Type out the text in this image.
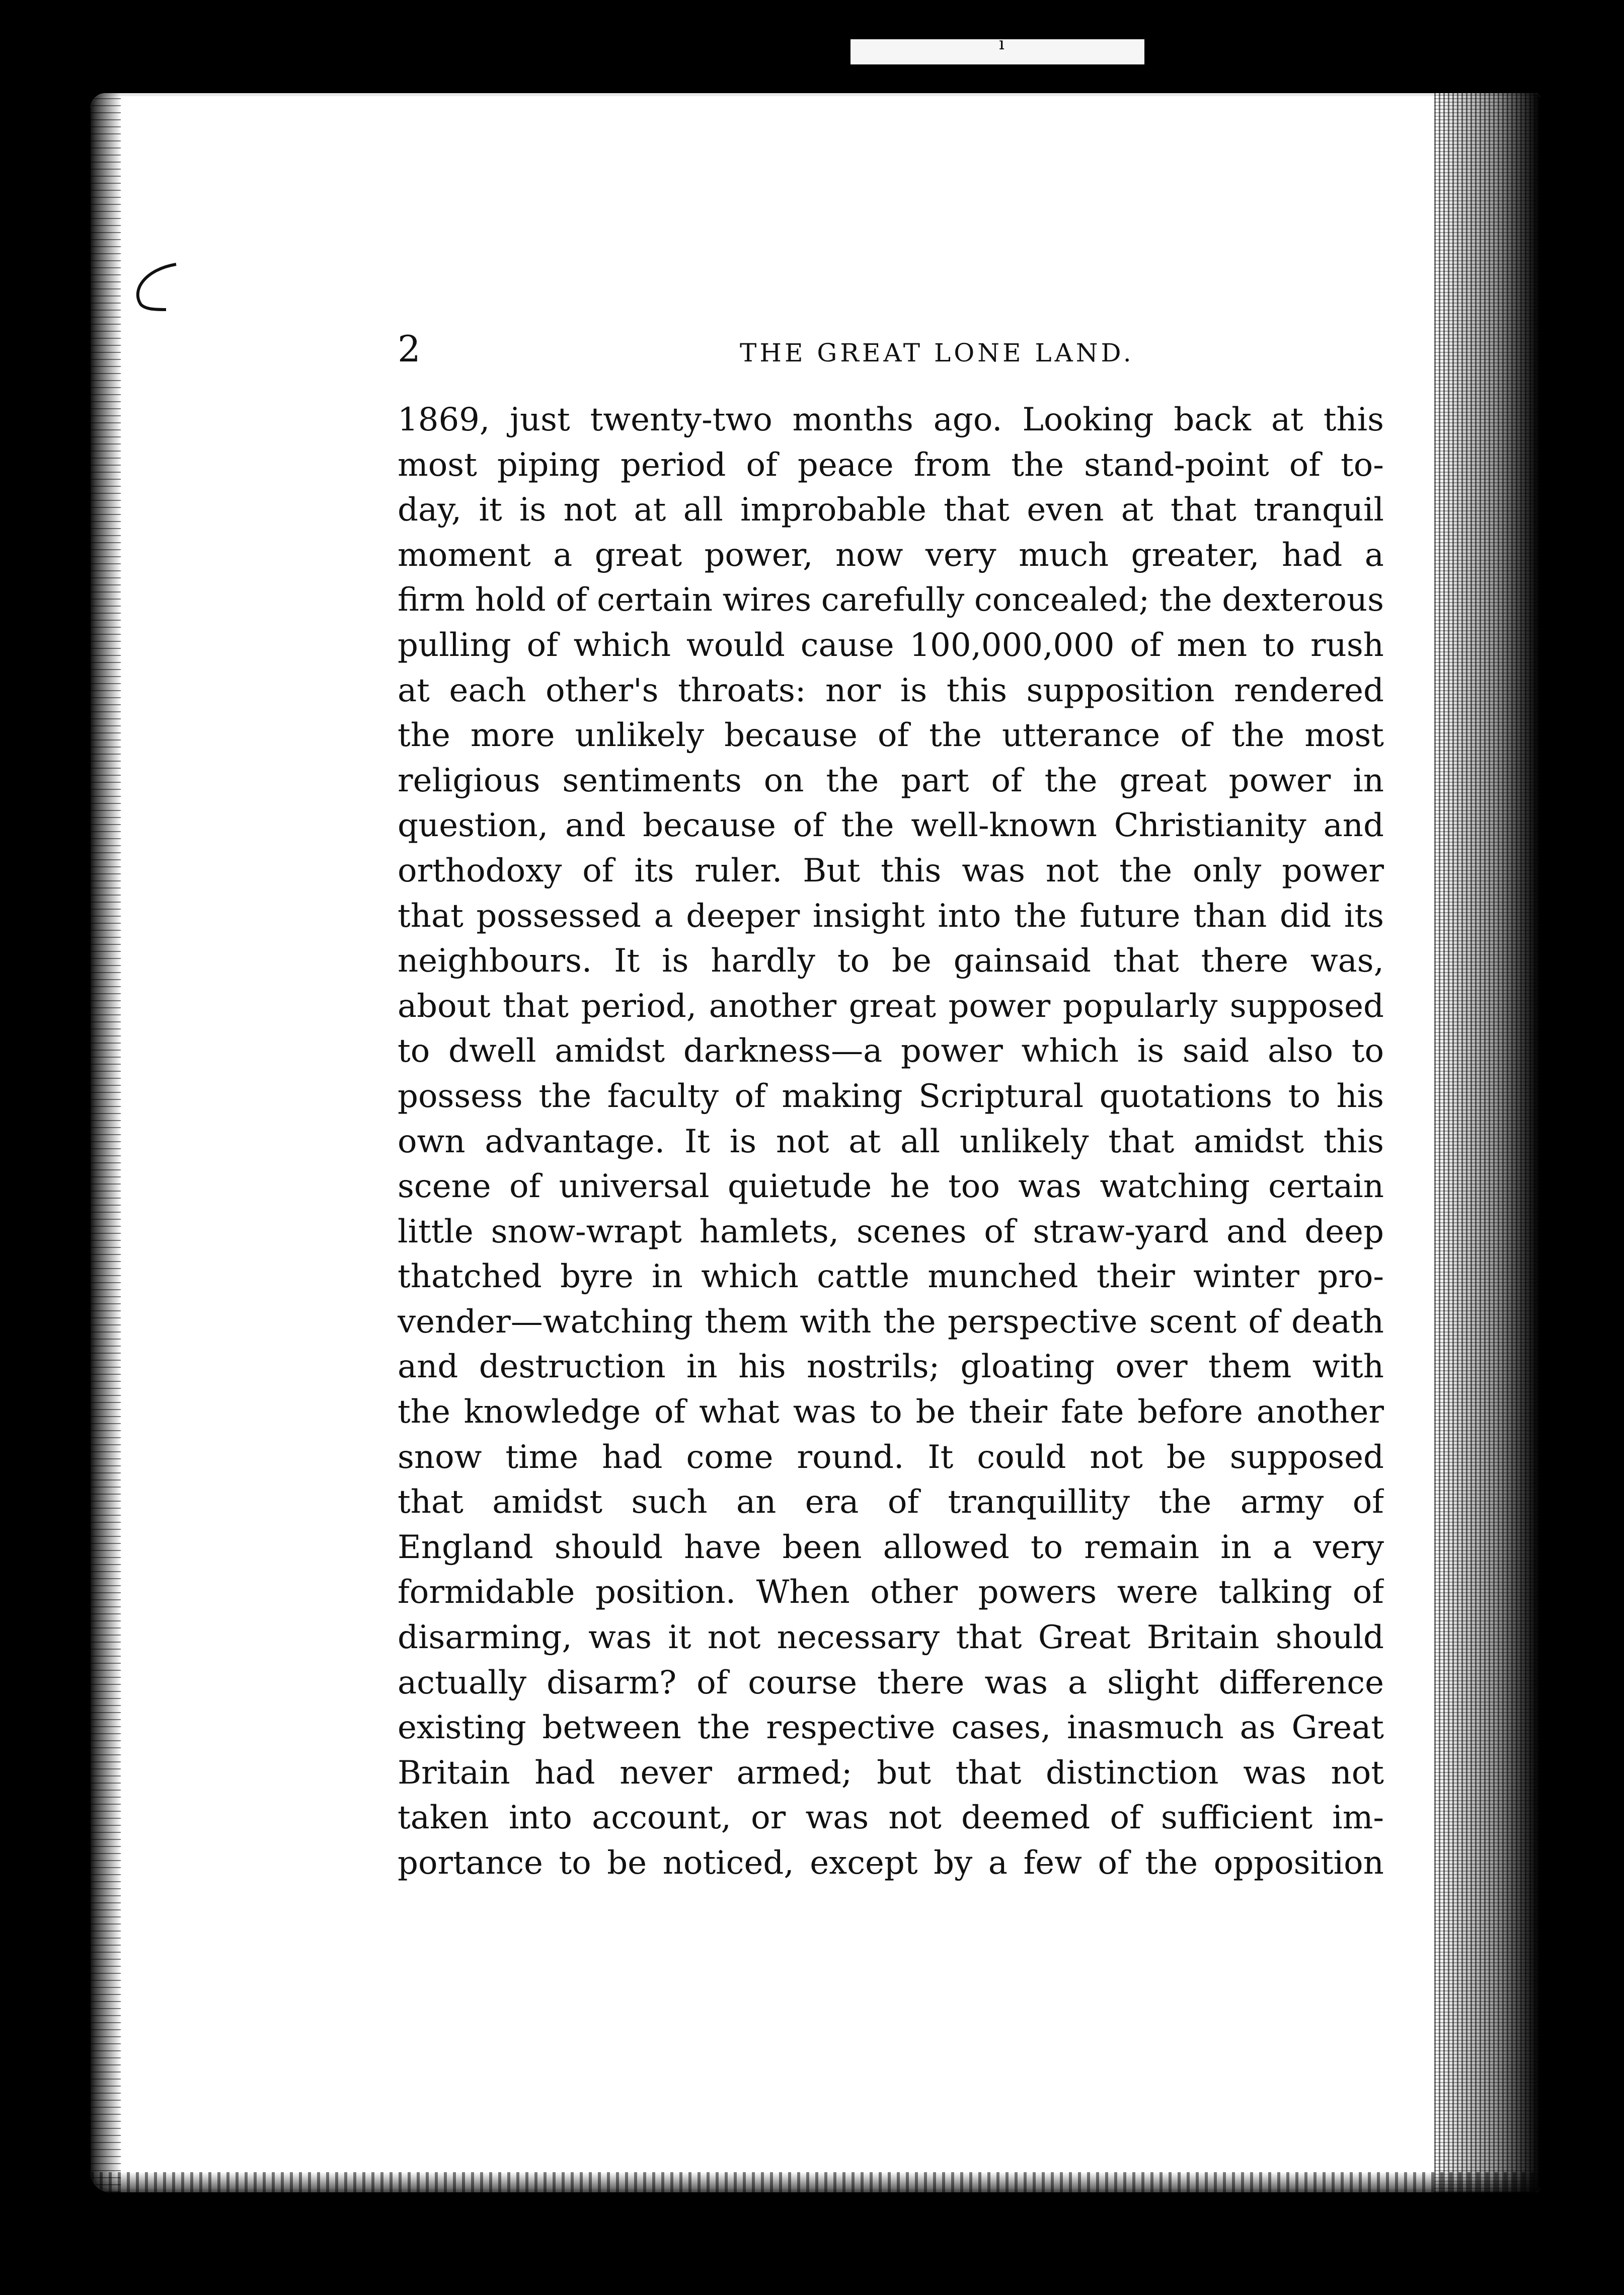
ı
2	THE GREAT LONE LAND.
1869, just twenty-two months ago. Looking back at this
most piping period of peace from the stand-point of to-
day, it is not at all improbable that even at that tranquil
moment a great power, now very much greater, had a
firm hold of certain wires carefully concealed; the dexterous
pulling of which would cause 100,000,000 of men to rush
at each other's throats: nor is this supposition rendered
the more unlikely because of the utterance of the most
religious sentiments on the part of the great power in
question, and because of the well-known Christianity and
orthodoxy of its ruler. But this was not the only power
that possessed a deeper insight into the future than did its
neighbours. It is hardly to be gainsaid that there was,
about that period, another great power popularly supposed
to dwell amidst darkness—a power which is said also to
possess the faculty of making Scriptural quotations to his
own advantage. It is not at all unlikely that amidst this
scene of universal quietude he too was watching certain
little snow-wrapt hamlets, scenes of straw-yard and deep
thatched byre in which cattle munched their winter pro-
vender—watching them with the perspective scent of death
and destruction in his nostrils; gloating over them with
the knowledge of what was to be their fate before another
snow time had come round. It could not be supposed
that amidst such an era of tranquillity the army of
England should have been allowed to remain in a very
formidable position. When other powers were talking of
disarming, was it not necessary that Great Britain should
actually disarm? of course there was a slight difference
existing between the respective cases, inasmuch as Great
Britain had never armed; but that distinction was not
taken into account, or was not deemed of sufficient im-
portance to be noticed, except by a few of the opposition
